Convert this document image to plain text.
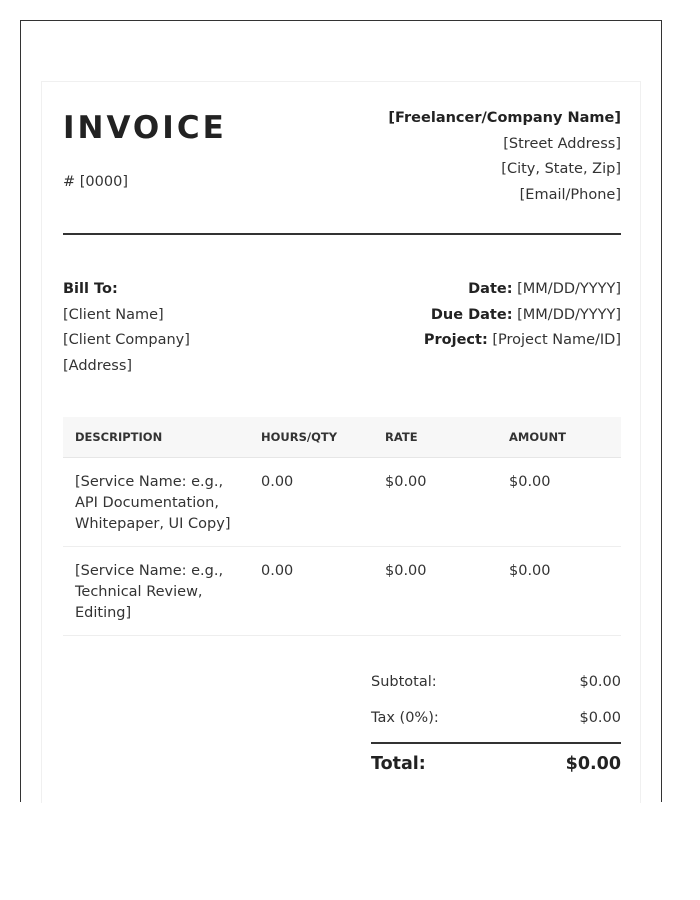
INVOICE
# [0000]
[Freelancer/Company Name]
[Street Address]
[City, State, Zip]
[Email/Phone]
Bill To:
[Client Name]
[Client Company]
[Address]
Date: [MM/DD/YYYY]
Due Date: [MM/DD/YYYY]
Project: [Project Name/ID]
DESCRIPTION	HOURS/QTY	RATE	AMOUNT
[Service Name: e.g., API Documentation, Whitepaper, UI Copy]	0.00	$0.00	$0.00
[Service Name: e.g., Technical Review, Editing]	0.00	$0.00	$0.00
Subtotal:	$0.00
Tax (0%):	$0.00
Total:	$0.00
